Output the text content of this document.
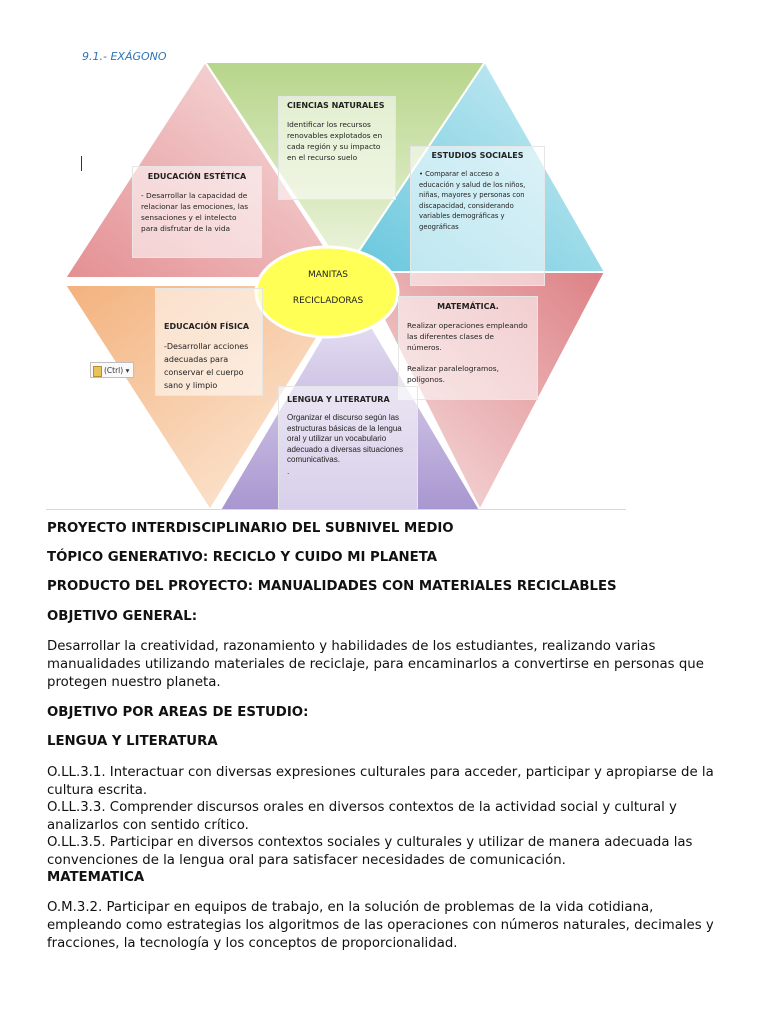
9.1.- EXÁGONO
MANITAS
RECICLADORAS
CIENCIAS NATURALES
Identificar los recursos renovables explotados en cada región y su impacto en el recurso suelo	ESTUDIOS SOCIALES
• Comparar el acceso a educación y salud de los niños, niñas, mayores y personas con discapacidad, considerando variables demográficas y geográficas
EDUCACIÓN ESTÉTICA
- Desarrollar la capacidad de relacionar las emociones, las sensaciones y el intelecto para disfrutar de la vida
EDUCACIÓN FÍSICA
-Desarrollar acciones adecuadas para conservar el cuerpo sano y limpio
MATEMÁTICA.
Realizar operaciones empleando las diferentes clases de números.
Realizar paralelogramos, polígonos.
LENGUA Y LITERATURA
Organizar el discurso según las estructuras básicas de la lengua oral y utilizar un vocabulario adecuado a diversas situaciones comunicativas.
.
(Ctrl) ▾
PROYECTO INTERDISCIPLINARIO DEL SUBNIVEL MEDIO
TÓPICO GENERATIVO: RECICLO Y CUIDO MI PLANETA
PRODUCTO DEL PROYECTO: MANUALIDADES CON MATERIALES RECICLABLES
OBJETIVO GENERAL:
Desarrollar la creatividad, razonamiento y habilidades de los estudiantes, realizando varias manualidades utilizando materiales de reciclaje, para encaminarlos a convertirse en personas que protegen nuestro planeta.
OBJETIVO POR AREAS DE ESTUDIO:
LENGUA Y LITERATURA
O.LL.3.1. Interactuar con diversas expresiones culturales para acceder, participar y apropiarse de la cultura escrita.
O.LL.3.3. Comprender discursos orales en diversos contextos de la actividad social y cultural y analizarlos con sentido crítico.
O.LL.3.5. Participar en diversos contextos sociales y culturales y utilizar de manera adecuada las convenciones de la lengua oral para satisfacer necesidades de comunicación.
MATEMATICA
O.M.3.2. Participar en equipos de trabajo, en la solución de problemas de la vida cotidiana, empleando como estrategias los algoritmos de las operaciones con números naturales, decimales y fracciones, la tecnología y los conceptos de proporcionalidad.
